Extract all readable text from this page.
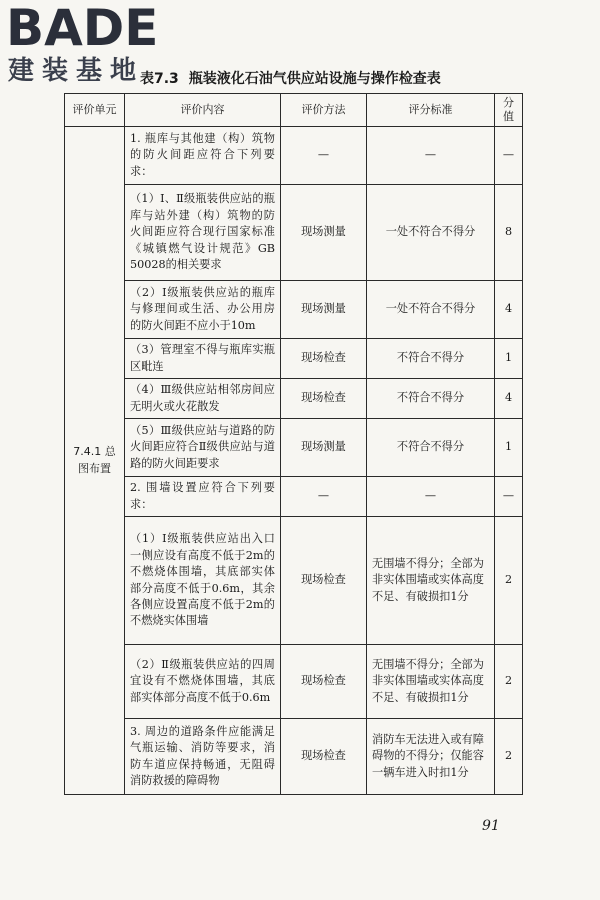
BADE
建装基地
表7.3 瓶装液化石油气供应站设施与操作检查表
评价单元	评价内容	评价方法	评分标准	分值
7.4.1 总图布置	1. 瓶库与其他建（构）筑物的防火间距应符合下列要求：	—	—	—
	（1）Ⅰ、Ⅱ级瓶装供应站的瓶库与站外建（构）筑物的防火间距应符合现行国家标准《城镇燃气设计规范》GB 50028的相关要求	现场测量	一处不符合不得分	8
	（2）Ⅰ级瓶装供应站的瓶库与修理间或生活、办公用房的防火间距不应小于10m	现场测量	一处不符合不得分	4
	（3）管理室不得与瓶库实瓶区毗连	现场检查	不符合不得分	1
	（4）Ⅲ级供应站相邻房间应无明火或火花散发	现场检查	不符合不得分	4
	（5）Ⅲ级供应站与道路的防火间距应符合Ⅱ级供应站与道路的防火间距要求	现场测量	不符合不得分	1
	2. 围墙设置应符合下列要求：	—	—	—
	（1）Ⅰ级瓶装供应站出入口一侧应设有高度不低于2m的不燃烧体围墙，其底部实体部分高度不低于0.6m，其余各侧应设置高度不低于2m的不燃烧实体围墙	现场检查	无围墙不得分；全部为非实体围墙或实体高度不足、有破损扣1分	2
	（2）Ⅱ级瓶装供应站的四周宜设有不燃烧体围墙，其底部实体部分高度不低于0.6m	现场检查	无围墙不得分；全部为非实体围墙或实体高度不足、有破损扣1分	2
	3. 周边的道路条件应能满足气瓶运输、消防等要求，消防车道应保持畅通，无阻碍消防救援的障碍物	现场检查	消防车无法进入或有障碍物的不得分；仅能容一辆车进入时扣1分	2
91
